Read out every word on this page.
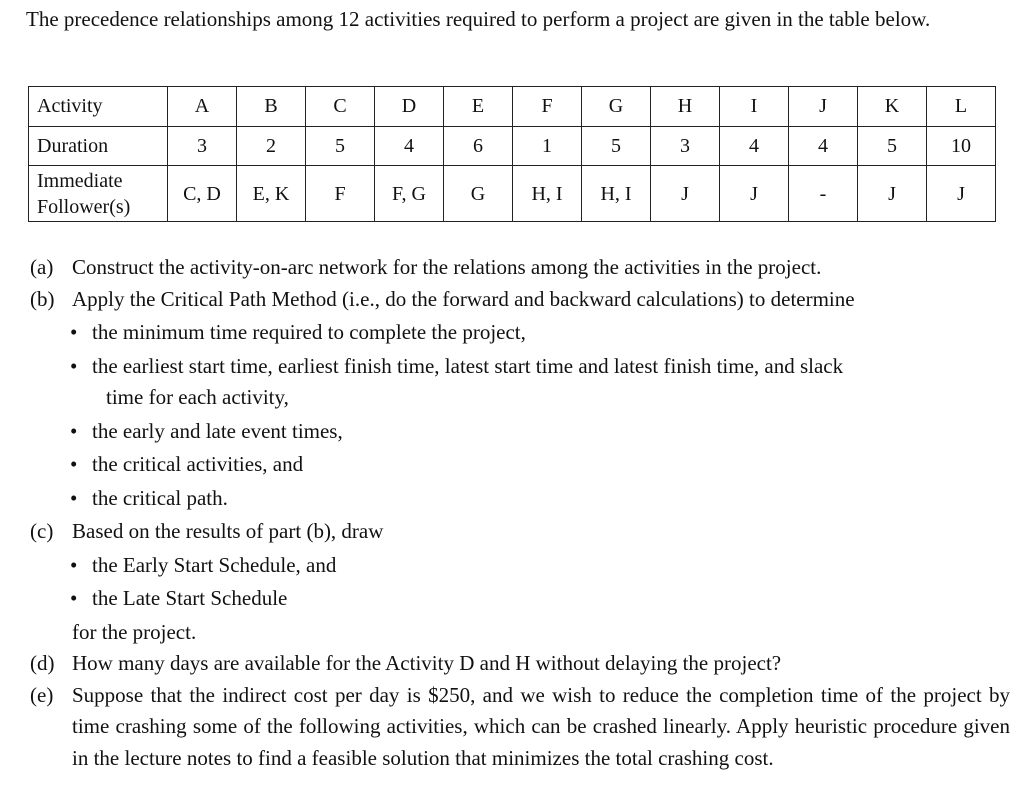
The precedence relationships among 12 activities required to perform a project are given in the table below.

Activity	A	B	C	D	E	F	G	H	I	J	K	L
Duration	3	2	5	4	6	1	5	3	4	4	5	10
Immediate
Follower(s)	C, D	E, K	F	F, G	G	H, I	H, I	J	J	-	J	J
(a) Construct the activity-on-arc network for the relations among the activities in the project.
(b) Apply the Critical Path Method (i.e., do the forward and backward calculations) to determine
• the minimum time required to complete the project,
• the earliest start time, earliest finish time, latest start time and latest finish time, and slack
time for each activity,
• the early and late event times,
• the critical activities, and
• the critical path.
(c) Based on the results of part (b), draw
• the Early Start Schedule, and
• the Late Start Schedule
for the project.
(d) How many days are available for the Activity D and H without delaying the project?
(e) Suppose that the indirect cost per day is $250, and we wish to reduce the completion time of the project by time crashing some of the following activities, which can be crashed linearly. Apply heuristic procedure given in the lecture notes to find a feasible solution that minimizes the total crashing cost.
